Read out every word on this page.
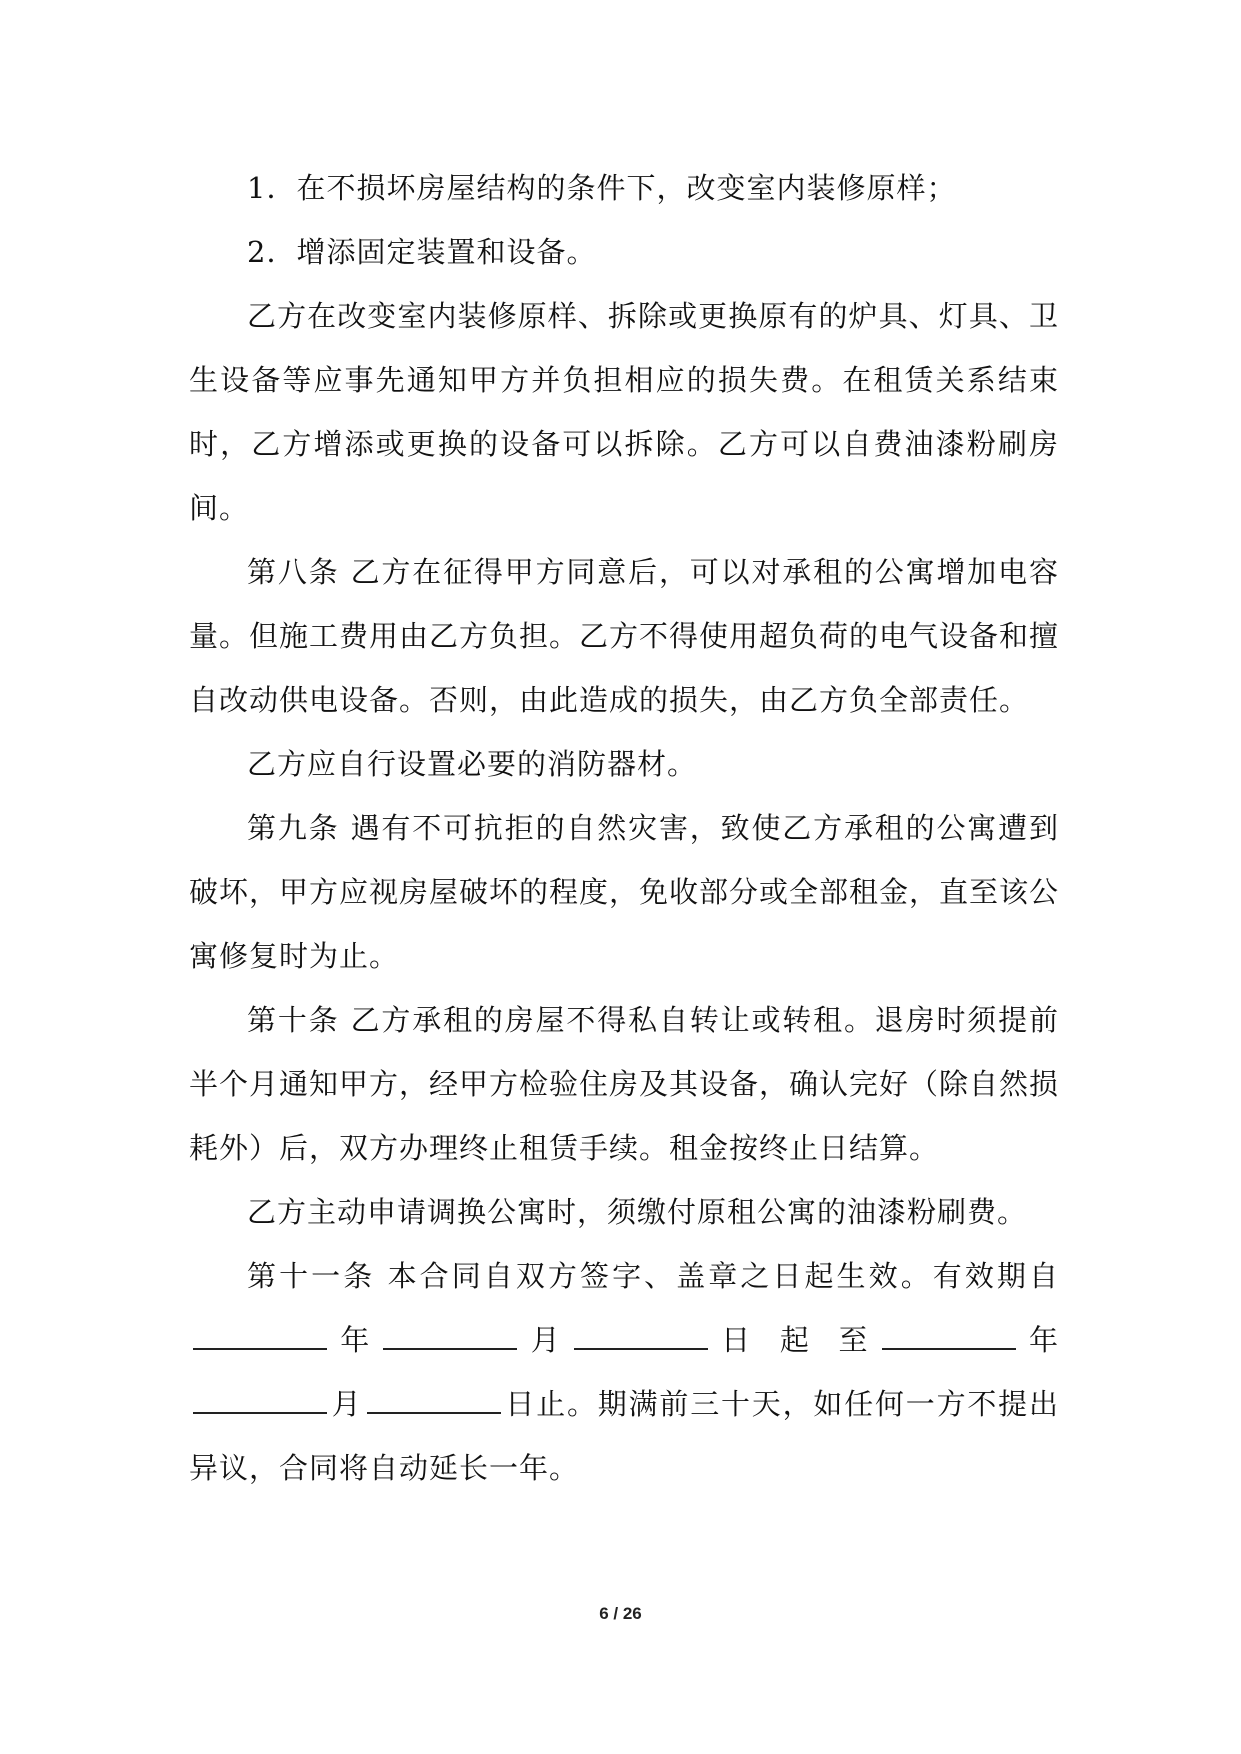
1．在不损坏房屋结构的条件下，改变室内装修原样；

2．增添固定装置和设备。

乙方在改变室内装修原样、拆除或更换原有的炉具、灯具、卫生设备等应事先通知甲方并负担相应的损失费。在租赁关系结束时，乙方增添或更换的设备可以拆除。乙方可以自费油漆粉刷房间。

第八条 乙方在征得甲方同意后，可以对承租的公寓增加电容量。但施工费用由乙方负担。乙方不得使用超负荷的电气设备和擅自改动供电设备。否则，由此造成的损失，由乙方负全部责任。

乙方应自行设置必要的消防器材。

第九条 遇有不可抗拒的自然灾害，致使乙方承租的公寓遭到破坏，甲方应视房屋破坏的程度，免收部分或全部租金，直至该公寓修复时为止。

第十条 乙方承租的房屋不得私自转让或转租。退房时须提前半个月通知甲方，经甲方检验住房及其设备，确认完好（除自然损耗外）后，双方办理终止租赁手续。租金按终止日结算。

乙方主动申请调换公寓时，须缴付原租公寓的油漆粉刷费。

第十一条 本合同自双方签字、盖章之日起生效。有效期自年	月	日 起 至	年月	日止。期满前三十天，如任何一方不提出异议，合同将自动延长一年。

6 / 26
